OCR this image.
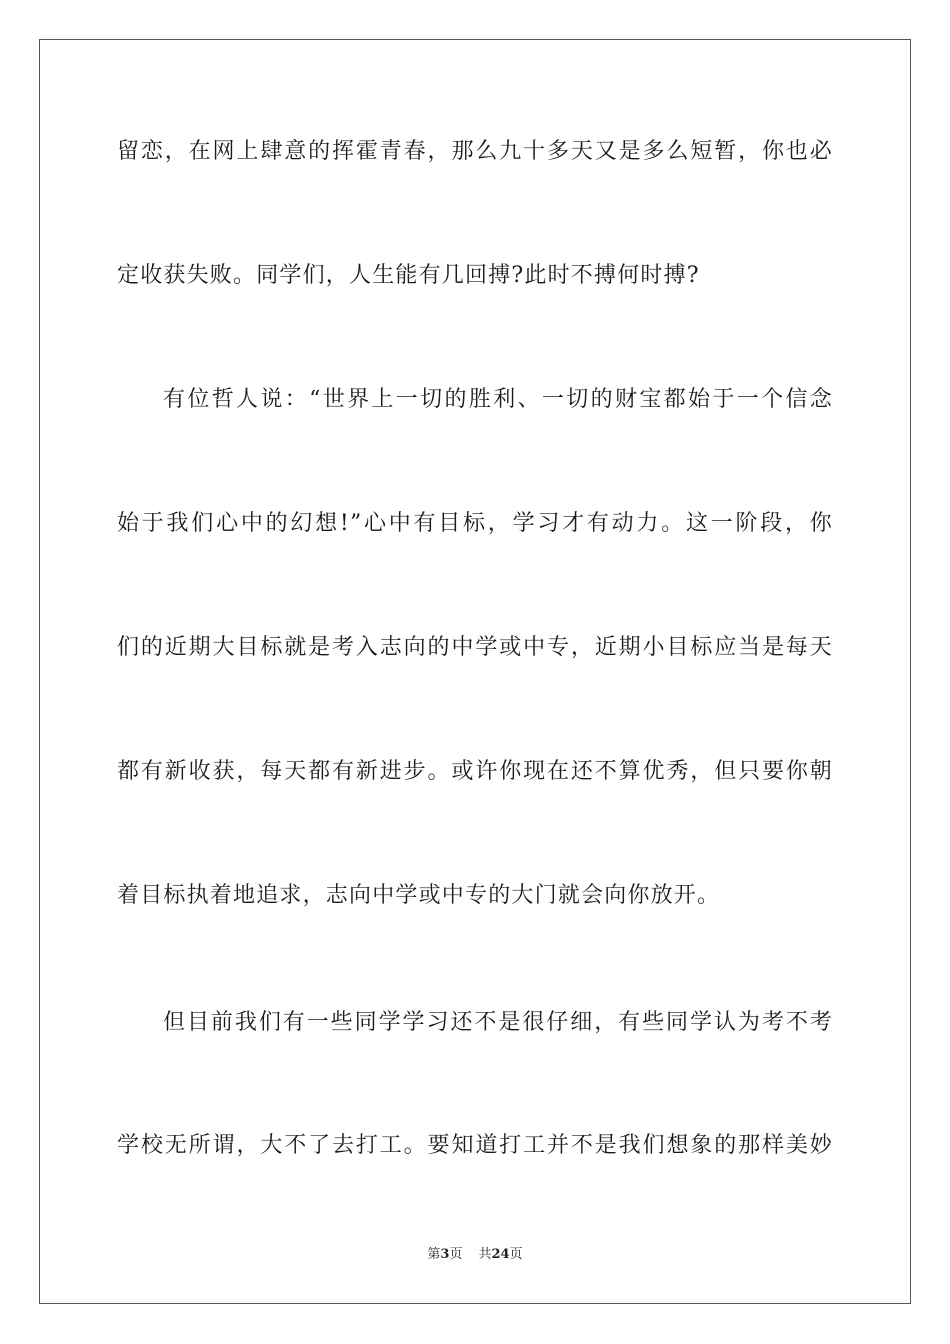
留恋，在网上肆意的挥霍青春，那么九十多天又是多么短暂，你也必
定收获失败。同学们，人生能有几回搏?此时不搏何时搏?
有位哲人说：“世界上一切的胜利、一切的财宝都始于一个信念
始于我们心中的幻想!”心中有目标，学习才有动力。这一阶段，你
们的近期大目标就是考入志向的中学或中专，近期小目标应当是每天
都有新收获，每天都有新进步。或许你现在还不算优秀，但只要你朝
着目标执着地追求，志向中学或中专的大门就会向你放开。
但目前我们有一些同学学习还不是很仔细，有些同学认为考不考
学校无所谓，大不了去打工。要知道打工并不是我们想象的那样美妙
第3页 共24页
